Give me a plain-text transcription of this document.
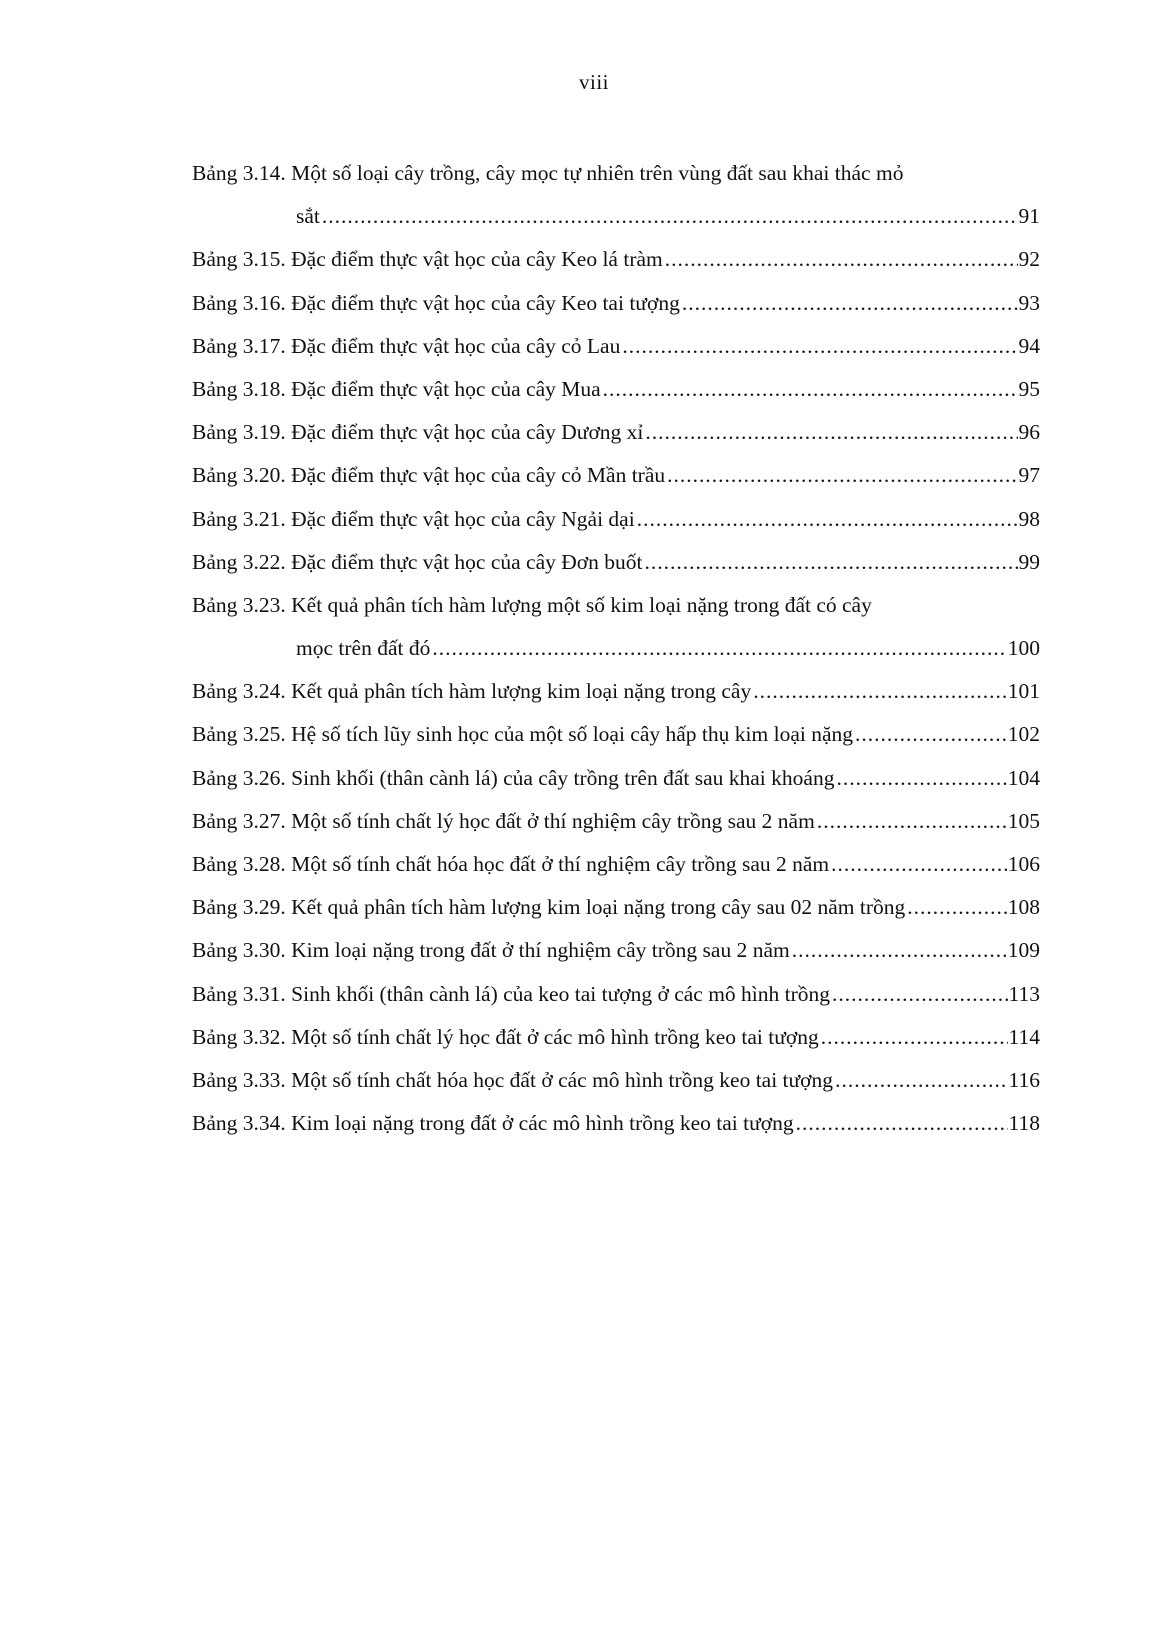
viii
Bảng 3.14. Một số loại cây trồng, cây mọc tự nhiên trên vùng đất sau khai thác mỏ
sắt .....	91
Bảng 3.15. Đặc điểm thực vật học của cây Keo lá tràm .....	92
Bảng 3.16. Đặc điểm thực vật học của cây Keo tai tượng .....	93
Bảng 3.17. Đặc điểm thực vật học của cây cỏ Lau .....	94
Bảng 3.18. Đặc điểm thực vật học của cây Mua .....	95
Bảng 3.19. Đặc điểm thực vật học của cây Dương xỉ .....	96
Bảng 3.20. Đặc điểm thực vật học của cây cỏ Mần trầu .....	97
Bảng 3.21. Đặc điểm thực vật học của cây Ngải dại .....	98
Bảng 3.22. Đặc điểm thực vật học của cây Đơn buốt .....	99
Bảng 3.23. Kết quả phân tích hàm lượng một số kim loại nặng trong đất có cây
mọc trên đất đó .....	100
Bảng 3.24. Kết quả phân tích hàm lượng kim loại nặng trong cây .....	101
Bảng 3.25. Hệ số tích lũy sinh học của một số loại cây hấp thụ kim loại nặng .....	102
Bảng 3.26. Sinh khối (thân cành lá) của cây trồng trên đất sau khai khoáng .....	104
Bảng 3.27. Một số tính chất lý học đất ở thí nghiệm cây trồng sau 2 năm .....	105
Bảng 3.28. Một số tính chất hóa học đất ở thí nghiệm cây trồng sau 2 năm .....	106
Bảng 3.29. Kết quả phân tích hàm lượng kim loại nặng trong cây sau 02 năm trồng .....	108
Bảng 3.30. Kim loại nặng trong đất ở thí nghiệm cây trồng sau 2 năm .....	109
Bảng 3.31. Sinh khối (thân cành lá) của keo tai tượng ở các mô hình trồng .....	113
Bảng 3.32. Một số tính chất lý học đất ở các mô hình trồng keo tai tượng .....	114
Bảng 3.33. Một số tính chất hóa học đất ở các mô hình trồng keo tai tượng .....	116
Bảng 3.34. Kim loại nặng trong đất ở các mô hình trồng keo tai tượng .....	118
